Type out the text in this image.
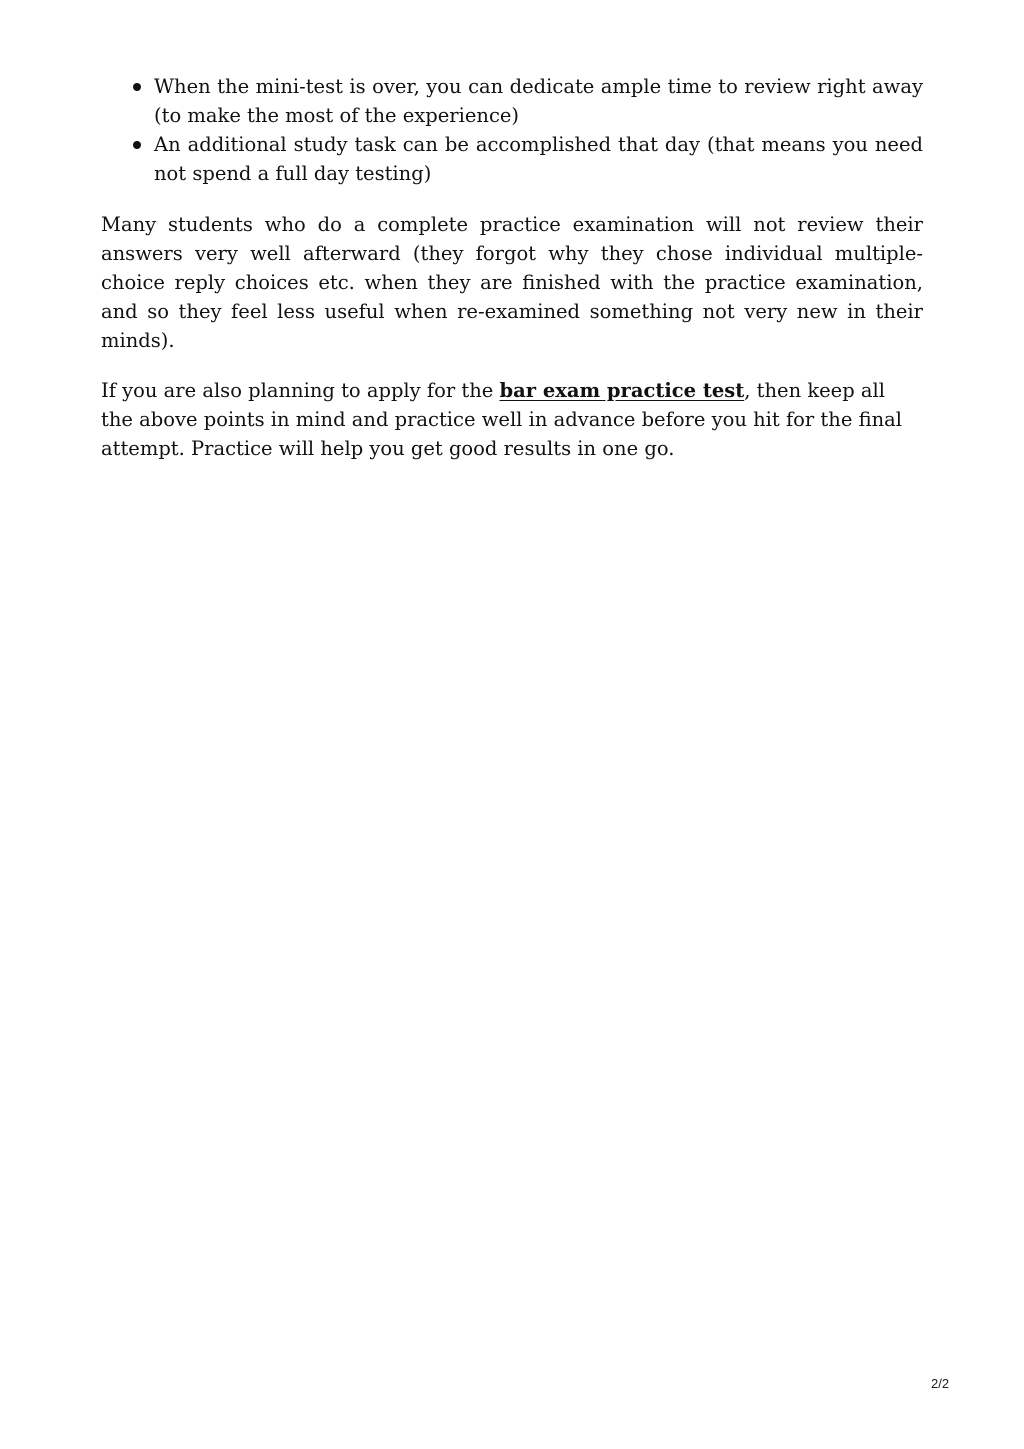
When the mini-test is over, you can dedicate ample time to review right away (to make the most of the experience)
An additional study task can be accomplished that day (that means you need not spend a full day testing)

Many students who do a complete practice examination will not review their answers very well afterward (they forgot why they chose individual multiple-choice reply choices etc. when they are finished with the practice examination, and so they feel less useful when re-examined something not very new in their minds).

If you are also planning to apply for the bar exam practice test, then keep all the above points in mind and practice well in advance before you hit for the final attempt. Practice will help you get good results in one go.

2/2
